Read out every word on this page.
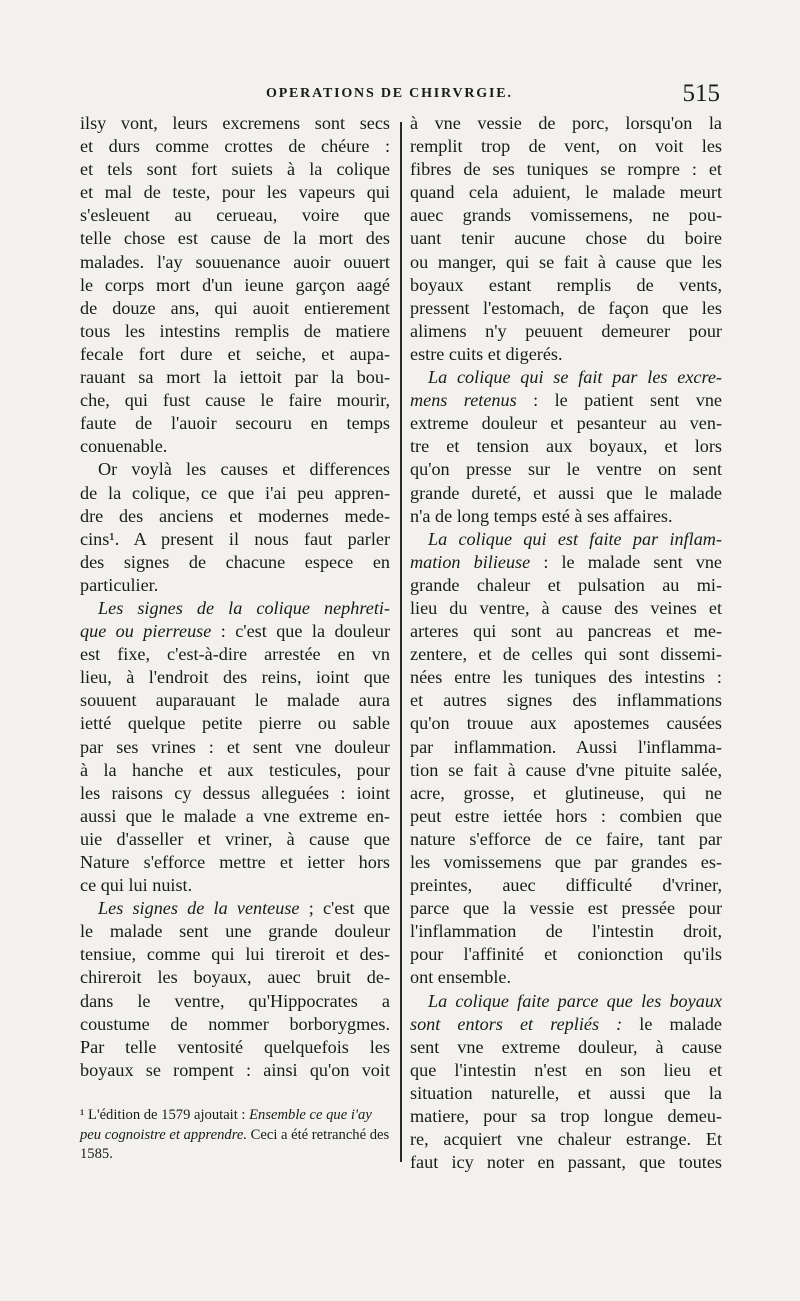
OPERATIONS DE CHIRVRGIE.	515
ilsy vont, leurs excremens sont secs
et durs comme crottes de chéure :
et tels sont fort suiets à la colique
et mal de teste, pour les vapeurs qui
s'esleuent au cerueau, voire que
telle chose est cause de la mort des
malades. l'ay souuenance auoir ouuert
le corps mort d'un ieune garçon aagé
de douze ans, qui auoit entierement
tous les intestins remplis de matiere
fecale fort dure et seiche, et aupa-
rauant sa mort la iettoit par la bou-
che, qui fust cause le faire mourir,
faute de l'auoir secouru en temps
conuenable.
Or voylà les causes et differences
de la colique, ce que i'ai peu appren-
dre des anciens et modernes mede-
cins¹. A present il nous faut parler
des signes de chacune espece en
particulier.
Les signes de la colique nephreti-
que ou pierreuse : c'est que la douleur
est fixe, c'est-à-dire arrestée en vn
lieu, à l'endroit des reins, ioint que
souuent auparauant le malade aura
ietté quelque petite pierre ou sable
par ses vrines : et sent vne douleur
à la hanche et aux testicules, pour
les raisons cy dessus alleguées : ioint
aussi que le malade a vne extreme en-
uie d'asseller et vriner, à cause que
Nature s'efforce mettre et ietter hors
ce qui lui nuist.
Les signes de la venteuse ; c'est que
le malade sent une grande douleur
tensiue, comme qui lui tireroit et des-
chireroit les boyaux, auec bruit de-
dans le ventre, qu'Hippocrates a
coustume de nommer borborygmes.
Par telle ventosité quelquefois les
boyaux se rompent : ainsi qu'on voit
à vne vessie de porc, lorsqu'on la
remplit trop de vent, on voit les
fibres de ses tuniques se rompre : et
quand cela aduient, le malade meurt
auec grands vomissemens, ne pou-
uant tenir aucune chose du boire
ou manger, qui se fait à cause que les
boyaux estant remplis de vents,
pressent l'estomach, de façon que les
alimens n'y peuuent demeurer pour
estre cuits et digerés.
La colique qui se fait par les excre-
mens retenus : le patient sent vne
extreme douleur et pesanteur au ven-
tre et tension aux boyaux, et lors
qu'on presse sur le ventre on sent
grande dureté, et aussi que le malade
n'a de long temps esté à ses affaires.
La colique qui est faite par inflam-
mation bilieuse : le malade sent vne
grande chaleur et pulsation au mi-
lieu du ventre, à cause des veines et
arteres qui sont au pancreas et me-
zentere, et de celles qui sont dissemi-
nées entre les tuniques des intestins :
et autres signes des inflammations
qu'on trouue aux apostemes causées
par inflammation. Aussi l'inflamma-
tion se fait à cause d'vne pituite salée,
acre, grosse, et glutineuse, qui ne
peut estre iettée hors : combien que
nature s'efforce de ce faire, tant par
les vomissemens que par grandes es-
preintes, auec difficulté d'vriner,
parce que la vessie est pressée pour
l'inflammation de l'intestin droit,
pour l'affinité et conionction qu'ils
ont ensemble.
La colique faite parce que les boyaux
sont entors et repliés : le malade
sent vne extreme douleur, à cause
que l'intestin n'est en son lieu et
situation naturelle, et aussi que la
matiere, pour sa trop longue demeu-
re, acquiert vne chaleur estrange. Et
faut icy noter en passant, que toutes
¹ L'édition de 1579 ajoutait : Ensemble ce que i'ay peu cognoistre et apprendre. Ceci a été retranché des 1585.
